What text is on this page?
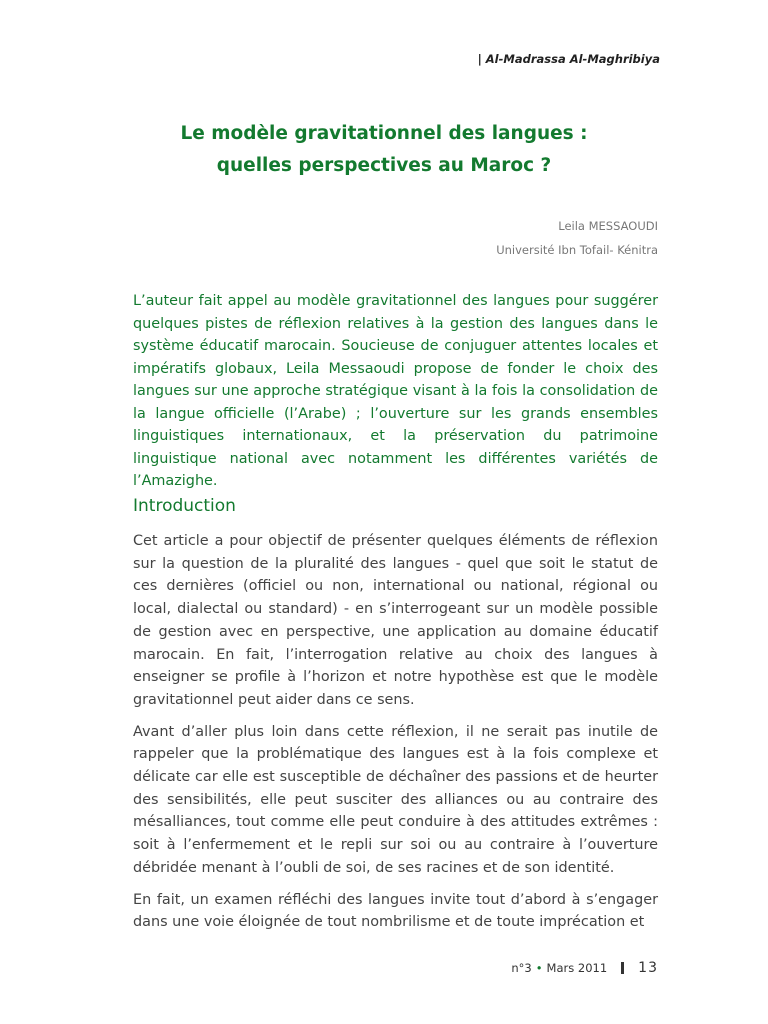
| Al-Madrassa Al-Maghribiya
Le modèle gravitationnel des langues :
quelles perspectives au Maroc ?
Leila MESSAOUDI
Université Ibn Tofail- Kénitra

L’auteur fait appel au modèle gravitationnel des langues pour suggérer quelques pistes de réflexion relatives à la gestion des langues dans le système éducatif marocain. Soucieuse de conjuguer attentes locales et impératifs globaux, Leila Messaoudi propose de fonder le choix des langues sur une approche stratégique visant à la fois la consolidation de la langue officielle (l’Arabe) ; l’ouverture sur les grands ensembles linguistiques internationaux, et la préservation du patrimoine linguistique national avec notamment les différentes variétés de l’Amazighe.

Introduction

Cet article a pour objectif de présenter quelques éléments de réflexion sur la question de la pluralité des langues - quel que soit le statut de ces dernières (officiel ou non, international ou national, régional ou local, dialectal ou standard) - en s’interrogeant sur un modèle possible de gestion avec en perspective, une application au domaine éducatif marocain. En fait, l’interrogation relative au choix des langues à enseigner se profile à l’horizon et notre hypothèse est que le modèle gravitationnel peut aider dans ce sens.

Avant d’aller plus loin dans cette réflexion, il ne serait pas inutile de rappeler que la problématique des langues est à la fois complexe et délicate car elle est susceptible de déchaîner des passions et de heurter des sensibilités, elle peut susciter des alliances ou au contraire des mésalliances, tout comme elle peut conduire à des attitudes extrêmes : soit à l’enfermement et le repli sur soi ou au contraire à l’ouverture débridée menant à l’oubli de soi, de ses racines et de son identité.

En fait, un examen réfléchi des langues invite tout d’abord à s’engager dans une voie éloignée de tout nombrilisme et de toute imprécation et

n°3 • Mars 2011 13
